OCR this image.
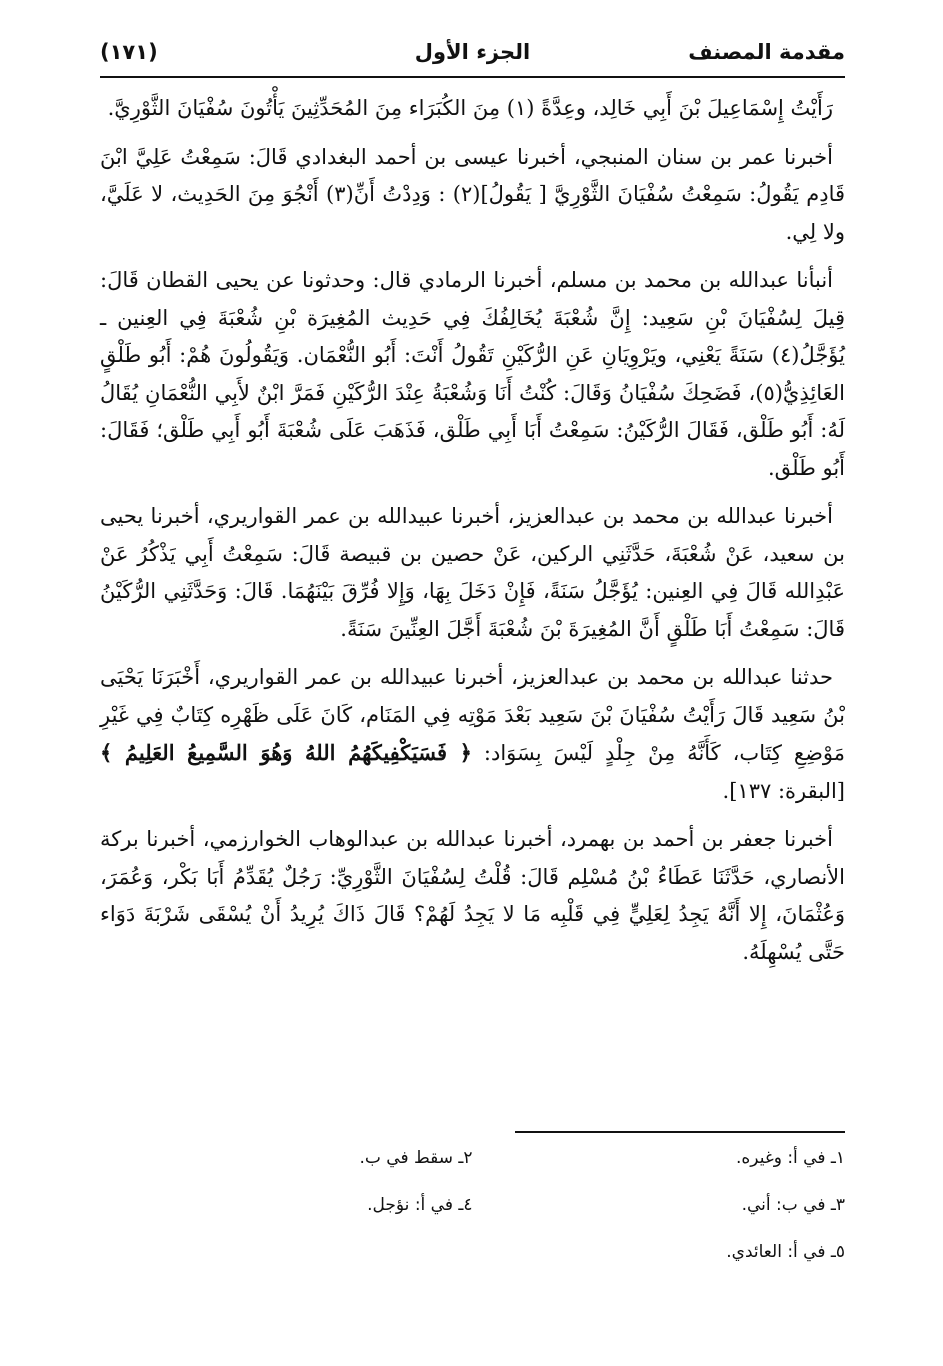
مقدمة المصنف
الجزء الأول
(١٧١)

رَأَيْتُ إِسْمَاعِيلَ بْنَ أَبِي خَالِد، وعِدَّةً (١) مِنَ الكُبَرَاء مِنَ المُحَدِّثِينَ يَأْتُونَ سُفْيَانَ الثَّوْرِيَّ.

أخبرنا عمر بن سنان المنبجي، أخبرنا عيسى بن أحمد البغدادي قَالَ: سَمِعْتُ عَلِيَّ ابْنَ قَادِم يَقُولُ: سَمِعْتُ سُفْيَانَ الثَّوْرِيَّ [ يَقُولُ](٢) : وَدِدْتُ أَنِّ(٣) أَنْجُوَ مِنَ الحَدِيث، لا عَلَيَّ، ولا لِي.

أنبأنا عبدالله بن محمد بن مسلم، أخبرنا الرمادي قال: وحدثونا عن يحيى القطان قَالَ: قِيلَ لِسُفْيَانَ بْنِ سَعِيد: إِنَّ شُعْبَةَ يُخَالِفُكَ فِي حَدِيث المُغِيرَة بْنِ شُعْبَةَ فِي العِنين ـ يُؤَجَّلُ(٤) سَنَةً يَعْنِي، ويَرْوِيَانِ عَنِ الرُّكَيْنِ تَقُولُ أَنْتَ: أَبُو النُّعْمَان. وَيَقُولُونَ هُمْ: أَبُو طَلْقٍ العَائِذِيُّ(٥)، فَضَحِكَ سُفْيَانُ وَقَالَ: كُنْتُ أَنَا وَشُعْبَةُ عِنْدَ الرُّكَيْنِ فَمَرَّ ابْنٌ لأَبِي النُّعْمَانِ يُقَالُ لَهُ: أَبُو طَلْق، فَقَالَ الرُّكَيْنُ: سَمِعْتُ أَبَا أَبِي طَلْق، فَذَهَبَ عَلَى شُعْبَةَ أَبُو أَبِي طَلْق؛ فَقَالَ: أَبُو طَلْق.

أخبرنا عبدالله بن محمد بن عبدالعزيز، أخبرنا عبيدالله بن عمر القواريري، أخبرنا يحيى بن سعيد، عَنْ شُعْبَةَ، حَدَّثَنِي الركين، عَنْ حصين بن قبيصة قَالَ: سَمِعْتُ أَبِي يَذْكُرُ عَنْ عَبْدِالله قَالَ فِي العِنين: يُؤَجَّلُ سَنَةً، فَإِنْ دَخَلَ بِهَا، وَإِلا فُرِّقَ بَيْنَهُمَا. قَالَ: وَحَدَّثَنِي الرُّكَيْنُ قَالَ: سَمِعْتُ أَبَا طَلْقٍ أَنَّ المُغِيرَةَ بْنَ شُعْبَةَ أَجَّلَ العِنِّينَ سَنَةً.

حدثنا عبدالله بن محمد بن عبدالعزيز، أخبرنا عبيدالله بن عمر القواريري، أَخْبَرَنَا يَحْيَى بْنُ سَعِيد قَالَ رَأَيْتُ سُفْيَانَ بْنَ سَعِيد بَعْدَ مَوْتِه فِي المَنَام، كَانَ عَلَى ظَهْرِه كِتَابٌ فِي غَيْرِ مَوْضِعِ كِتَاب، كَأَنَّهُ مِنْ جِلْدٍ لَيْسَ بِسَوَاد: ﴿ فَسَيَكْفِيكَهُمُ اللهُ وَهُوَ السَّمِيعُ العَلِيمُ ﴾ [البقرة: ١٣٧].

أخبرنا جعفر بن أحمد بن بهمرد، أخبرنا عبدالله بن عبدالوهاب الخوارزمي، أخبرنا بركة الأنصاري، حَدَّثَنَا عَطَاءُ بْنُ مُسْلِم قَالَ: قُلْتُ لِسُفْيَانَ الثَّوْرِيِّ: رَجُلٌ يُقَدِّمُ أَبَا بَكْر، وَعُمَرَ، وَعُثْمَانَ، إِلا أَنَّهُ يَجِدُ لِعَلِيٍّ فِي قَلْبِه مَا لا يَجِدُ لَهُمْ؟ قَالَ ذَاكَ يُرِيدُ أَنْ يُسْقَى شَرْبَةَ دَوَاء حَتَّى يُسْهِلَهُ.

١ـ في أ: وغيره.
٢ـ سقط في ب.
٣ـ في ب: أني.
٤ـ في أ: نؤجل.
٥ـ في أ: العائدي.
